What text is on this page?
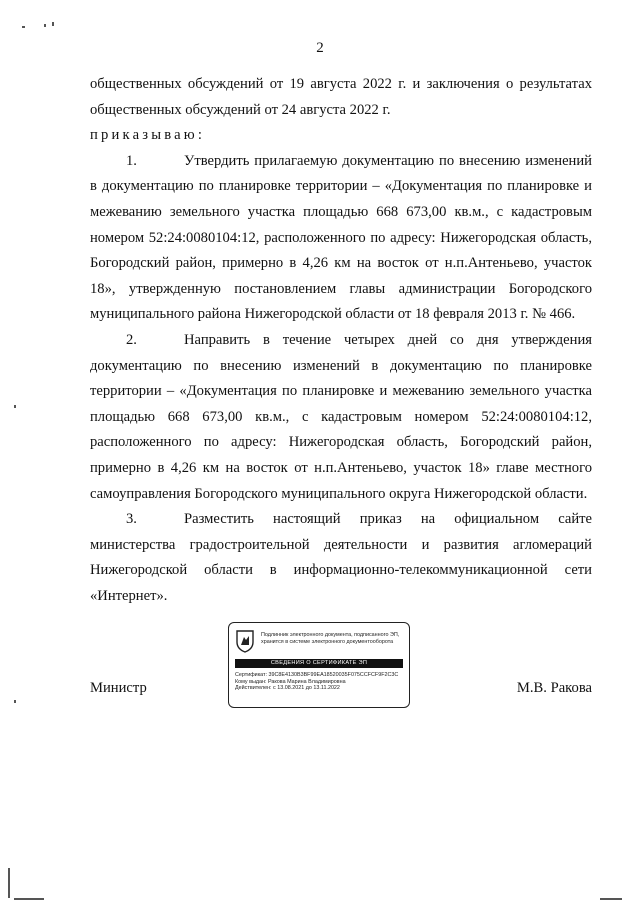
2

общественных обсуждений от 19 августа 2022 г. и заключения о результатах общественных обсуждений от 24 августа 2022 г.

приказываю:

1.	Утвердить прилагаемую документацию по внесению изменений в документацию по планировке территории – «Документация по планировке и межеванию земельного участка площадью 668 673,00 кв.м., с кадастровым номером 52:24:0080104:12, расположенного по адресу: Нижегородская область, Богородский район, примерно в 4,26 км на восток от н.п.Антеньево, участок 18», утвержденную постановлением главы администрации Богородского муниципального района Нижегородской области от 18 февраля 2013 г. № 466.

2.	Направить в течение четырех дней со дня утверждения документацию по внесению изменений в документацию по планировке территории – «Документация по планировке и межеванию земельного участка площадью 668 673,00 кв.м., с кадастровым номером 52:24:0080104:12, расположенного по адресу: Нижегородская область, Богородский район, примерно в 4,26 км на восток от н.п.Антеньево, участок 18» главе местного самоуправления Богородского муниципального округа Нижегородской области.

3.	Разместить настоящий приказ на официальном сайте министерства градостроительной деятельности и развития агломераций Нижегородской области в информационно-телекоммуникационной сети «Интернет».

Министр	М.В. Ракова
Подлинник электронного документа, подписанного ЭП, хранится в системе электронного документооборота
СВЕДЕНИЯ О СЕРТИФИКАТЕ ЭП
Сертификат: 39C8E4130B3BF99EA18520035F075CCFCF9F2C3C
Кому выдан: Ракова Марина Владимировна
Действителен: с 13.08.2021 до 13.11.2022
